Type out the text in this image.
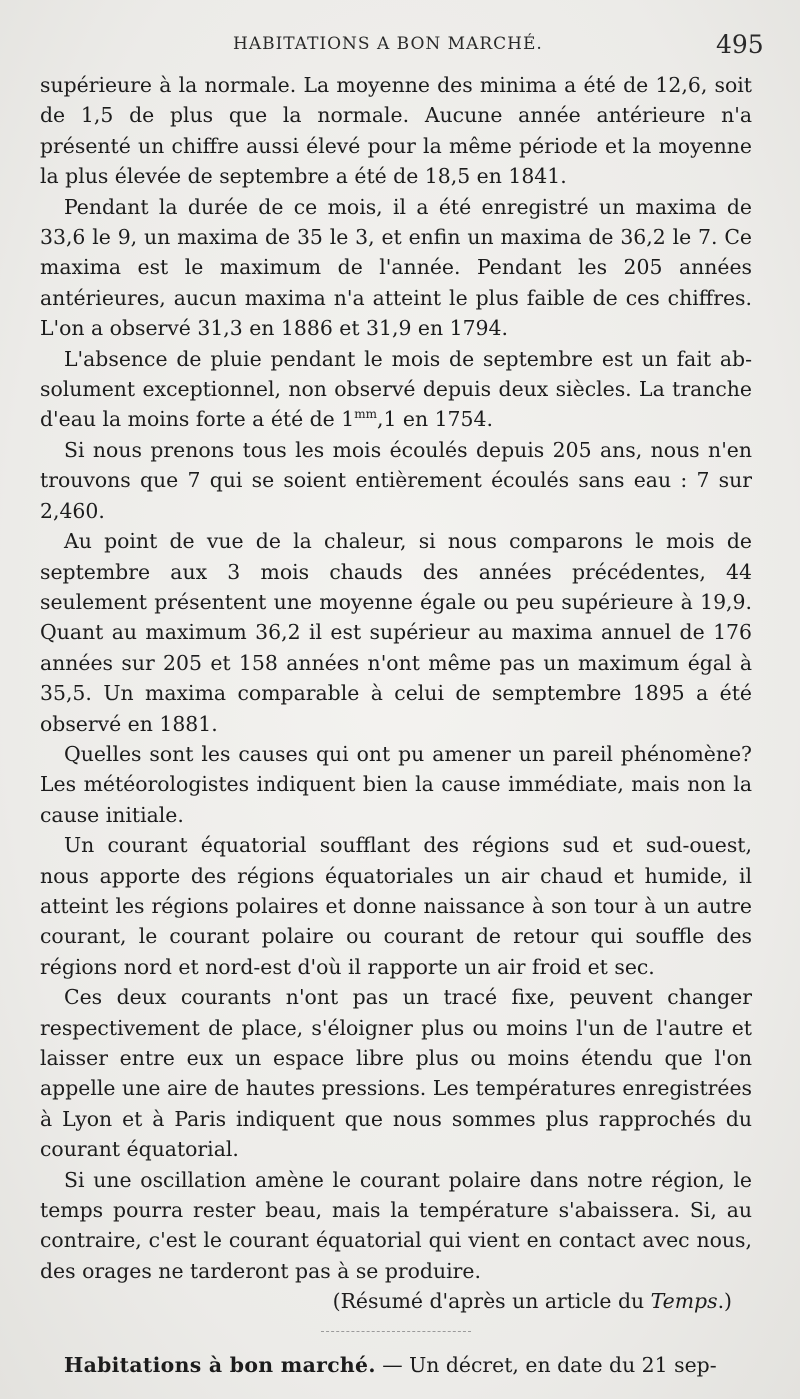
HABITATIONS A BON MARCHÉ.	495

supérieure à la normale. La moyenne des minima a été de 12,6, soit de 1,5 de plus que la normale. Aucune année antérieure n'a présenté un chiffre aussi élevé pour la même période et la moyenne la plus élevée de septembre a été de 18,5 en 1841.

Pendant la durée de ce mois, il a été enregistré un maxima de 33,6 le 9, un maxima de 35 le 3, et enfin un maxima de 36,2 le 7. Ce maxima est le maximum de l'année. Pendant les 205 années antérieures, aucun maxima n'a atteint le plus faible de ces chiffres. L'on a observé 31,3 en 1886 et 31,9 en 1794.

L'absence de pluie pendant le mois de septembre est un fait absolument exceptionnel, non observé depuis deux siècles. La tranche d'eau la moins forte a été de $1^{mm},1$ en 1754.

Si nous prenons tous les mois écoulés depuis 205 ans, nous n'en trouvons que 7 qui se soient entièrement écoulés sans eau : 7 sur 2,460.

Au point de vue de la chaleur, si nous comparons le mois de septembre aux 3 mois chauds des années précédentes, 44 seulement présentent une moyenne égale ou peu supérieure à 19,9. Quant au maximum 36,2 il est supérieur au maxima annuel de 176 années sur 205 et 158 années n'ont même pas un maximum égal à 35,5. Un maxima comparable à celui de semptembre 1895 a été observé en 1881.

Quelles sont les causes qui ont pu amener un pareil phénomène? Les météorologistes indiquent bien la cause immédiate, mais non la cause initiale.

Un courant équatorial soufflant des régions sud et sud-ouest, nous apporte des régions équatoriales un air chaud et humide, il atteint les régions polaires et donne naissance à son tour à un autre courant, le courant polaire ou courant de retour qui souffle des régions nord et nord-est d'où il rapporte un air froid et sec.

Ces deux courants n'ont pas un tracé fixe, peuvent changer respectivement de place, s'éloigner plus ou moins l'un de l'autre et laisser entre eux un espace libre plus ou moins étendu que l'on appelle une aire de hautes pressions. Les températures enregistrées à Lyon et à Paris indiquent que nous sommes plus rapprochés du courant équatorial.

Si une oscillation amène le courant polaire dans notre région, le temps pourra rester beau, mais la température s'abaissera. Si, au contraire, c'est le courant équatorial qui vient en contact avec nous, des orages ne tarderont pas à se produire.

(Résumé d'après un article du Temps.)

Habitations à bon marché. — Un décret, en date du 21 sep-
